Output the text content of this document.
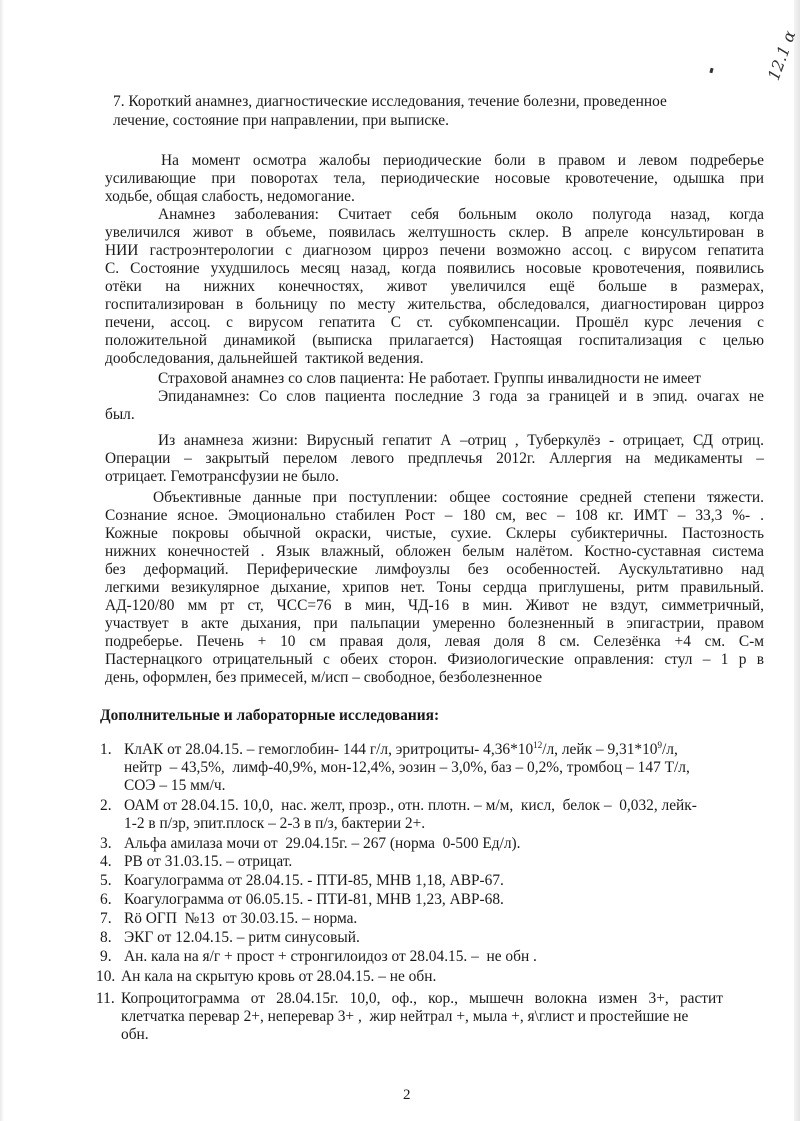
12.1 α
7. Короткий анамнез, диагностические исследования, течение болезни, проведенное
лечение, состояние при направлении, при выписке.
На момент осмотра жалобы периодические боли в правом и левом подреберье
усиливающие при поворотах тела, периодические носовые кровотечение, одышка при
ходьбе, общая слабость, недомогание.
Анамнез заболевания: Считает себя больным около полугода назад, когда
увеличился живот в объеме, появилась желтушность склер. В апреле консультирован в
НИИ гастроэнтерологии с диагнозом цирроз печени возможно ассоц. с вирусом гепатита
С. Состояние ухудшилось месяц назад, когда появились носовые кровотечения, появились
отёки на нижних конечностях, живот увеличился ещё больше в размерах,
госпитализирован в больницу по месту жительства, обследовался, диагностирован цирроз
печени, ассоц. с вирусом гепатита С ст. субкомпенсации. Прошёл курс лечения с
положительной динамикой (выписка прилагается) Настоящая госпитализация с целью
дообследования, дальнейшей  тактикой ведения.
Страховой анамнез со слов пациента: Не работает. Группы инвалидности не имеет
Эпиданамнез: Со слов пациента последние 3 года за границей и в эпид. очагах не
был.
Из анамнеза жизни: Вирусный гепатит А –отриц , Туберкулёз - отрицает, СД отриц.
Операции – закрытый перелом левого предплечья 2012г. Аллергия на медикаменты –
отрицает. Гемотрансфузии не было.
Объективные данные при поступлении: общее состояние средней степени тяжести.
Сознание ясное. Эмоционально стабилен Рост – 180 см, вес – 108 кг. ИМТ – 33,3 %- .
Кожные покровы обычной окраски, чистые, сухие. Склеры субиктеричны. Пастозность
нижних конечностей . Язык влажный, обложен белым налётом. Костно-суставная система
без деформаций. Периферические лимфоузлы без особенностей. Аускультативно над
легкими везикулярное дыхание, хрипов нет. Тоны сердца приглушены, ритм правильный.
АД-120/80 мм рт ст, ЧСС=76 в мин, ЧД-16 в мин. Живот не вздут, симметричный,
участвует в акте дыхания, при пальпации умеренно болезненный в эпигастрии, правом
подреберье. Печень + 10 см правая доля, левая доля 8 см. Селезёнка +4 см. С-м
Пастернацкого отрицательный с обеих сторон. Физиологические оправления: стул – 1 р в
день, оформлен, без примесей, м/исп – свободное, безболезненное
Дополнительные и лабораторные исследования:
1. КлАК от 28.04.15. – гемоглобин- 144 г/л, эритроциты- $4,36*10^{12}/л$, лейк – $9,31*10^9/л$,
нейтр  – 43,5%,  лимф-40,9%, мон-12,4%, эозин – 3,0%, баз – 0,2%, тромбоц – 147 Т/л,
СОЭ – 15 мм/ч.
2. ОАМ от 28.04.15. 10,0,  нас. желт, прозр., отн. плотн. – м/м,  кисл,  белок –  0,032, лейк-
1-2 в п/зр, эпит.плоск – 2-3 в п/з, бактерии 2+.
3. Альфа амилаза мочи от  29.04.15г. – 267 (норма  0-500 Ед/л).
4. РВ от 31.03.15. – отрицат.
5. Коагулограмма от 28.04.15. - ПТИ-85, МНВ 1,18, АВР-67.
6. Коагулограмма от 06.05.15. - ПТИ-81, МНВ 1,23, АВР-68.
7. Rö ОГП  №13  от 30.03.15. – норма.
8. ЭКГ от 12.04.15. – ритм синусовый.
9. Ан. кала на я/г + прост + стронгилоидоз от 28.04.15. –  не обн .
10. Ан кала на скрытую кровь от 28.04.15. – не обн.
11. Копроцитограмма от 28.04.15г. 10,0, оф., кор., мышечн волокна измен 3+, растит
клетчатка перевар 2+, неперевар 3+ ,  жир нейтрал +, мыла +, я\глист и простейшие не
обн.
2
